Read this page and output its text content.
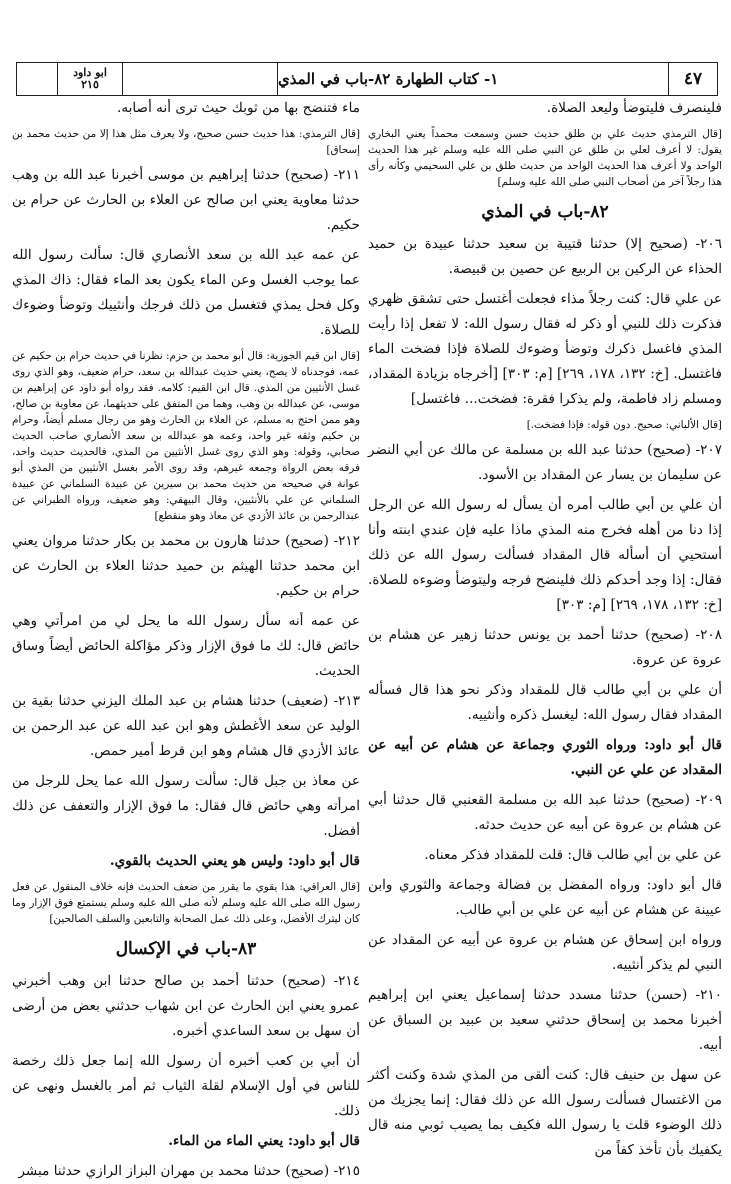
ابو داود
٢١٥	١- كتاب الطهارة ٨٢-باب في المذي	٤٧

فلينصرف فليتوضأ وليعد الصلاة.

[قال الترمذي حديث علي بن طلق حديث حسن وسمعت محمداً يعني البخاري يقول: لا أعرف لعلي بن طلق عن النبي صلى الله عليه وسلم غير هذا الحديث الواحد ولا أعرف هذا الحديث الواحد من حديث طلق بن علي السحيمي وكأنه رأى هذا رجلاً آخر من أصحاب النبي صلى الله عليه وسلم]

٨٢-باب في المذي

٢٠٦- (صحيح إلا) حدثنا قتيبة بن سعيد حدثنا عبيدة بن حميد الحذاء عن الركين بن الربيع عن حصين بن قبيصة.

عن علي قال: كنت رجلاً مذاء فجعلت أغتسل حتى تشقق ظهري فذكرت ذلك للنبي أو ذكر له فقال رسول الله: لا تفعل إذا رأيت المذي فاغسل ذكرك وتوضأ وضوءك للصلاة فإذا فضخت الماء فاغتسل. [خ: ١٣٢، ١٧٨، ٢٦٩] [م: ٣٠٣] [أخرجاه بزيادة المقداد، ومسلم زاد فاطمة، ولم يذكرا فقرة: فضخت... فاغتسل]

[قال الألباني: صحيح. دون قوله: فإذا فضخت.]

٢٠٧- (صحيح) حدثنا عبد الله بن مسلمة عن مالك عن أبي النضر عن سليمان بن يسار عن المقداد بن الأسود.

أن علي بن أبي طالب أمره أن يسأل له رسول الله عن الرجل إذا دنا من أهله فخرج منه المذي ماذا عليه فإن عندي ابنته وأنا أستحيي أن أسأله قال المقداد فسألت رسول الله عن ذلك فقال: إذا وجد أحدكم ذلك فلينضح فرجه وليتوضأ وضوءه للصلاة. [خ: ١٣٢، ١٧٨، ٢٦٩] [م: ٣٠٣]

٢٠٨- (صحيح) حدثنا أحمد بن يونس حدثنا زهير عن هشام بن عروة عن عروة.

أن علي بن أبي طالب قال للمقداد وذكر نحو هذا قال فسأله المقداد فقال رسول الله: ليغسل ذكره وأنثييه.

قال أبو داود: ورواه الثوري وجماعة عن هشام عن أبيه عن المقداد عن علي عن النبي.

٢٠٩- (صحيح) حدثنا عبد الله بن مسلمة القعنبي قال حدثنا أبي عن هشام بن عروة عن أبيه عن حديث حدثه.

عن علي بن أبي طالب قال: قلت للمقداد فذكر معناه.

قال أبو داود: ورواه المفضل بن فضالة وجماعة والثوري وابن عيينة عن هشام عن أبيه عن علي بن أبي طالب.

ورواه ابن إسحاق عن هشام بن عروة عن أبيه عن المقداد عن النبي لم يذكر أنثييه.

٢١٠- (حسن) حدثنا مسدد حدثنا إسماعيل يعني ابن إبراهيم أخبرنا محمد بن إسحاق حدثني سعيد بن عبيد بن السباق عن أبيه.

عن سهل بن حنيف قال: كنت ألقى من المذي شدة وكنت أكثر من الاغتسال فسألت رسول الله عن ذلك فقال: إنما يجزيك من ذلك الوضوء قلت يا رسول الله فكيف بما يصيب ثوبي منه قال يكفيك بأن تأخذ كفاً من

ماء فتنضح بها من ثوبك حيث ترى أنه أصابه.

[قال الترمذي: هذا حديث حسن صحيح، ولا يعرف مثل هذا إلا من حديث محمد بن إسحاق]

٢١١- (صحيح) حدثنا إبراهيم بن موسى أخبرنا عبد الله بن وهب حدثنا معاوية يعني ابن صالح عن العلاء بن الحارث عن حرام بن حكيم.

عن عمه عبد الله بن سعد الأنصاري قال: سألت رسول الله عما يوجب الغسل وعن الماء يكون بعد الماء فقال: ذاك المذي وكل فحل يمذي فتغسل من ذلك فرجك وأنثييك وتوضأ وضوءك للصلاة.

[قال ابن قيم الجوزية: قال أبو محمد بن حزم: نظرنا في حديث حرام بن حكيم عن عمه، فوجدناه لا يصح، يعني حديث عبدالله بن سعد، حرام ضعيف، وهو الذي روى غسل الأنثيين من المذي. قال ابن القيم: كلامه. فقد رواه أبو داود عن إبراهيم بن موسى، عن عبدالله بن وهب، وهما من المتفق على حديثهما، عن معاوية بن صالح، وهو ممن احتج به مسلم، عن العلاء بن الحارث وهو من رجال مسلم أيضاً، وحرام بن حكيم وثقه غير واحد، وعمه هو عبدالله بن سعد الأنصاري صاحب الحديث صحابي، وقوله: وهو الذي روى غسل الأنثيين من المذي، فالحديث حديث واحد، فرقه بعض الرواة وجمعه غيرهم، وقد روى الأمر بغسل الأنثيين من المذي أبو عوانة في صحيحه من حديث محمد بن سيرين عن عبيدة السلماني عن عبيدة السلماني عن علي بالأنثيين، وقال البيهقي: وهو ضعيف، ورواه الطبراني عن عبدالرحمن بن عائذ الأزدي عن معاذ وهو منقطع]

٢١٢- (صحيح) حدثنا هارون بن محمد بن بكار حدثنا مروان يعني ابن محمد حدثنا الهيثم بن حميد حدثنا العلاء بن الحارث عن حرام بن حكيم.

عن عمه أنه سأل رسول الله ما يحل لي من امرأتي وهي حائض قال: لك ما فوق الإزار وذكر مؤاكلة الحائض أيضاً وساق الحديث.

٢١٣- (ضعيف) حدثنا هشام بن عبد الملك اليزني حدثنا بقية بن الوليد عن سعد الأغطش وهو ابن عبد الله عن عبد الرحمن بن عائذ الأزدي قال هشام وهو ابن قرط أمير حمص.

عن معاذ بن جبل قال: سألت رسول الله عما يحل للرجل من امرأته وهي حائض قال فقال: ما فوق الإزار والتعفف عن ذلك أفضل.

قال أبو داود: وليس هو يعني الحديث بالقوي.

[قال العراقي: هذا يقوي ما يقرر من ضعف الحديث فإنه خلاف المنقول عن فعل رسول الله صلى الله عليه وسلم لأنه صلى الله عليه وسلم يستمتع فوق الإزار وما كان ليترك الأفضل، وعلى ذلك عمل الصحابة والتابعين والسلف الصالحين]

٨٣-باب في الإكسال

٢١٤- (صحيح) حدثنا أحمد بن صالح حدثنا ابن وهب أخبرني عمرو يعني ابن الحارث عن ابن شهاب حدثني بعض من أرضى أن سهل بن سعد الساعدي أخبره.

أن أبي بن كعب أخبره أن رسول الله إنما جعل ذلك رخصة للناس في أول الإسلام لقلة الثياب ثم أمر بالغسل ونهى عن ذلك.

قال أبو داود: يعني الماء من الماء.

٢١٥- (صحيح) حدثنا محمد بن مهران البزاز الرازي حدثنا مبشر
